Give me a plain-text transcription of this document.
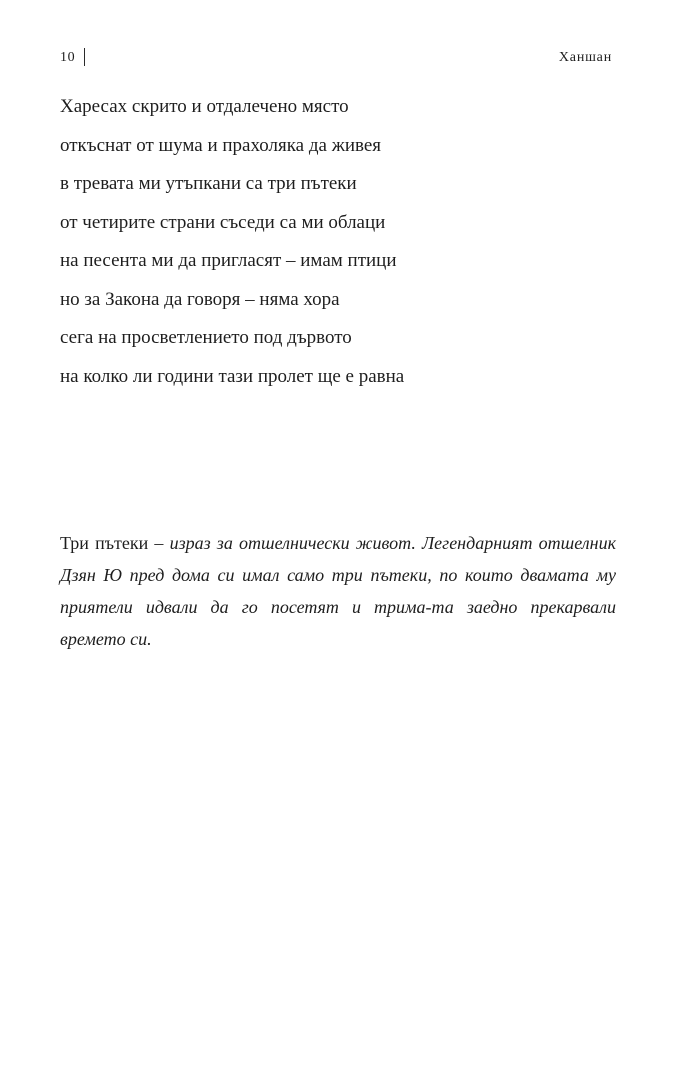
10	Ханшан
Харесах скрито и отдалечено място
откъснат от шума и прахоляка да живея
в тревата ми утъпкани са три пътеки
от четирите страни съседи са ми облаци
на песента ми да пригласят – имам птици
но за Закона да говоря – няма хора
сега на просветлението под дървото
на колко ли години тази пролет ще е равна
Три пътеки – израз за отшелнически живот. Легендарният отшелник Дзян Ю пред дома си имал само три пътеки, по които двамата му приятели идвали да го посетят и трима-та заедно прекарвали времето си.
